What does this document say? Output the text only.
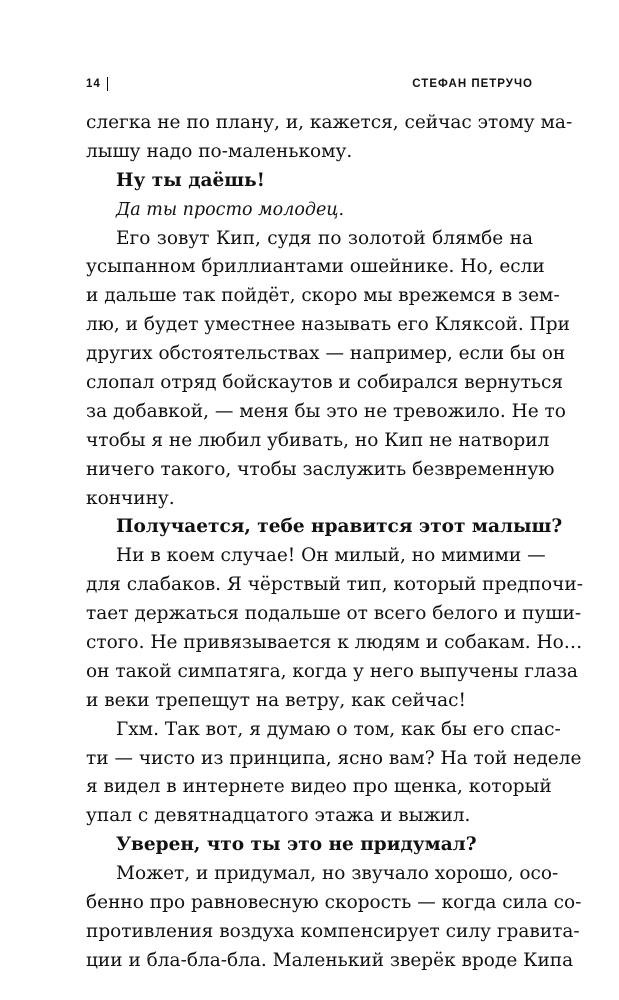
14	СТЕФАН ПЕТРУЧО
слегка не по плану, и, кажется, сейчас этому ма-
лышу надо по-маленькому.
Ну ты даёшь!
Да ты просто молодец.
Его зовут Кип, судя по золотой блямбе на
усыпанном бриллиантами ошейнике. Но, если
и дальше так пойдёт, скоро мы врежемся в зем-
лю, и будет уместнее называть его Кляксой. При
других обстоятельствах — например, если бы он
слопал отряд бойскаутов и собирался вернуться
за добавкой, — меня бы это не тревожило. Не то
чтобы я не любил убивать, но Кип не натворил
ничего такого, чтобы заслужить безвременную
кончину.
Получается, тебе нравится этот малыш?
Ни в коем случае! Он милый, но мимими —
для слабаков. Я чёрствый тип, который предпочи-
тает держаться подальше от всего белого и пуши-
стого. Не привязывается к людям и собакам. Но…
он такой симпатяга, когда у него выпучены глаза
и веки трепещут на ветру, как сейчас!
Гхм. Так вот, я думаю о том, как бы его спас-
ти — чисто из принципа, ясно вам? На той неделе
я видел в интернете видео про щенка, который
упал с девятнадцатого этажа и выжил.
Уверен, что ты это не придумал?
Может, и придумал, но звучало хорошо, осо-
бенно про равновесную скорость — когда сила со-
противления воздуха компенсирует силу гравита-
ции и бла-бла-бла. Маленький зверёк вроде Кипа
